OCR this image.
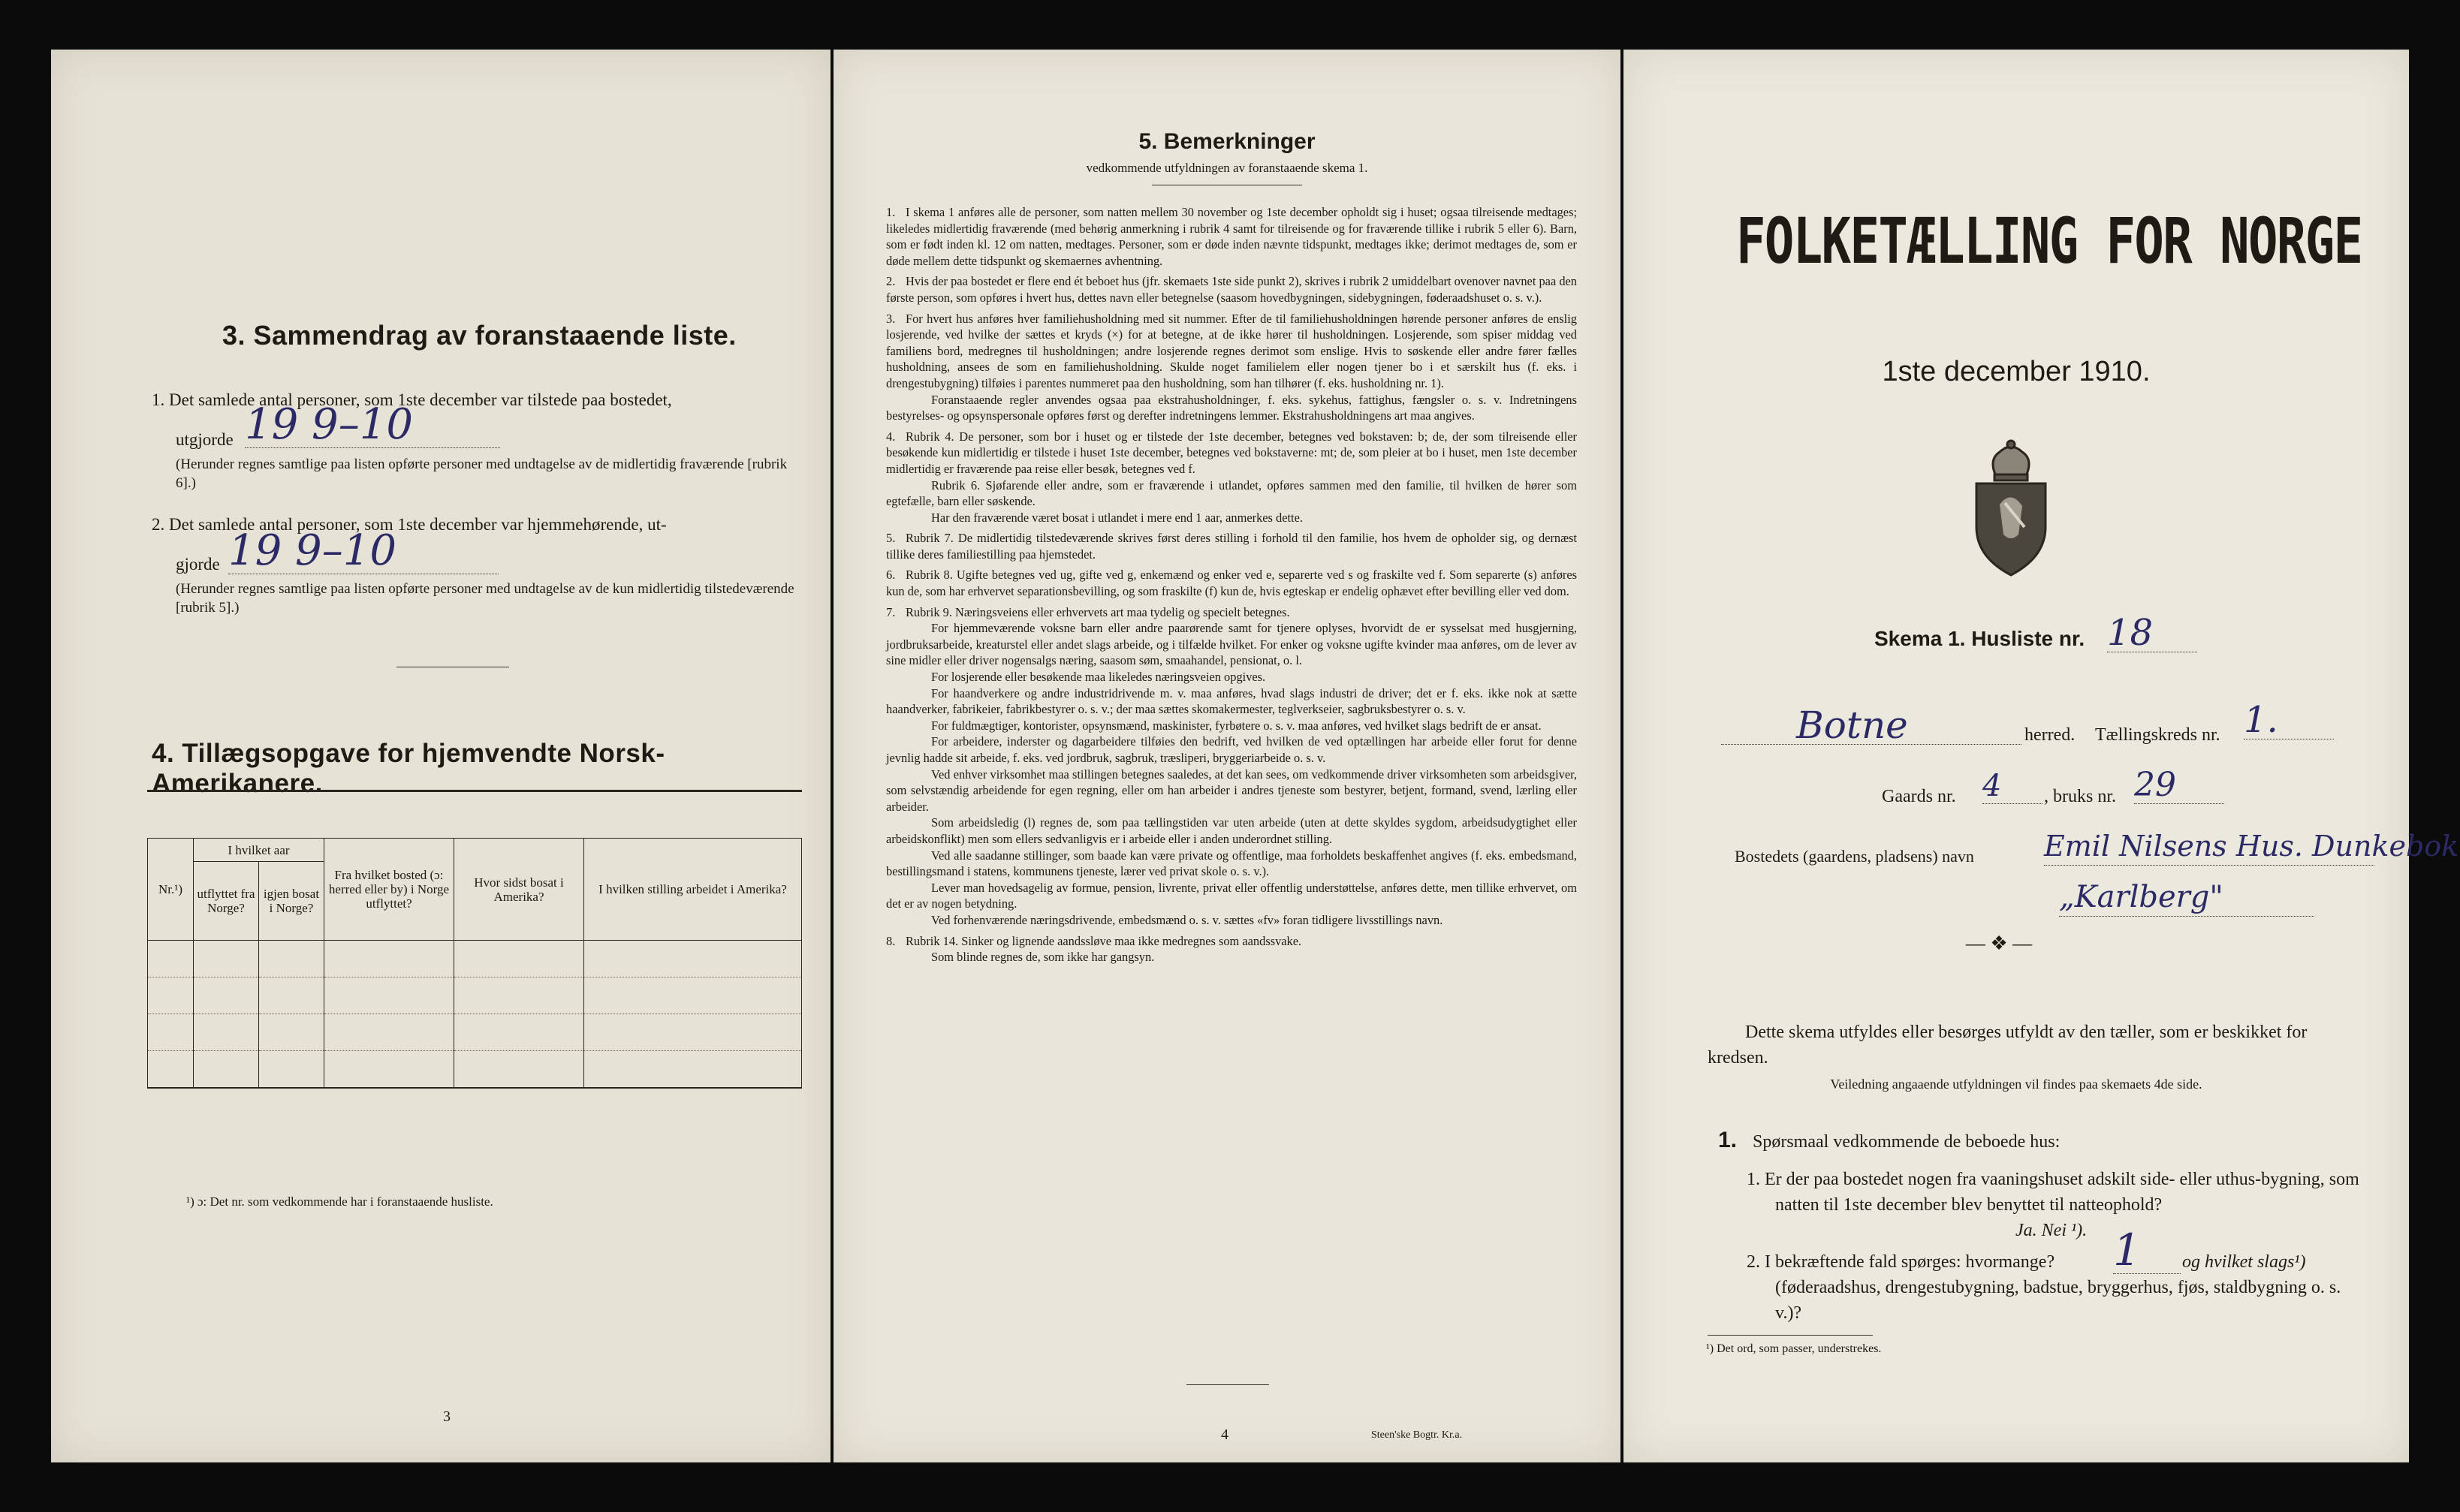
3. Sammendrag av foranstaaende liste.
1. Det samlede antal personer, som 1ste december var tilstede paa bostedet,
utgjorde 19 9–10
(Herunder regnes samtlige paa listen opførte personer med undtagelse av de midlertidig fraværende [rubrik 6].)
2. Det samlede antal personer, som 1ste december var hjemmehørende, ut-
gjorde 19 9–10
(Herunder regnes samtlige paa listen opførte personer med undtagelse av de kun midlertidig tilstedeværende [rubrik 5].)
4. Tillægsopgave for hjemvendte Norsk-Amerikanere.
Nr.¹)	I hvilket aar		Fra hvilket bosted (ɔ: herred eller by) i Norge utflyttet?	Hvor sidst bosat i Amerika?	I hvilken stilling arbeidet i Amerika?
	utflyttet fra Norge?	igjen bosat i Norge?			

¹) ɔ: Det nr. som vedkommende har i foranstaaende husliste.
3
5. Bemerkninger
vedkommende utfyldningen av foranstaaende skema 1.

1. I skema 1 anføres alle de personer, som natten mellem 30 november og 1ste december opholdt sig i huset; ogsaa tilreisende medtages; likeledes midlertidig fraværende (med behørig anmerkning i rubrik 4 samt for tilreisende og for fraværende tillike i rubrik 5 eller 6). Barn, som er født inden kl. 12 om natten, medtages. Personer, som er døde inden nævnte tidspunkt, medtages ikke; derimot medtages de, som er døde mellem dette tidspunkt og skemaernes avhentning.

2. Hvis der paa bostedet er flere end ét beboet hus (jfr. skemaets 1ste side punkt 2), skrives i rubrik 2 umiddelbart ovenover navnet paa den første person, som opføres i hvert hus, dettes navn eller betegnelse (saasom hovedbygningen, sidebygningen, føderaadshuset o. s. v.).

3. For hvert hus anføres hver familiehusholdning med sit nummer. Efter de til familiehusholdningen hørende personer anføres de enslig losjerende, ved hvilke der sættes et kryds (×) for at betegne, at de ikke hører til husholdningen. Losjerende, som spiser middag ved familiens bord, medregnes til husholdningen; andre losjerende regnes derimot som enslige. Hvis to søskende eller andre fører fælles husholdning, ansees de som en familiehusholdning. Skulde noget familielem eller nogen tjener bo i et særskilt hus (f. eks. i drengestubygning) tilføies i parentes nummeret paa den husholdning, som han tilhører (f. eks. husholdning nr. 1).

Foranstaaende regler anvendes ogsaa paa ekstrahusholdninger, f. eks. sykehus, fattighus, fængsler o. s. v. Indretningens bestyrelses- og opsynspersonale opføres først og derefter indretningens lemmer. Ekstrahusholdningens art maa angives.

4. Rubrik 4. De personer, som bor i huset og er tilstede der 1ste december, betegnes ved bokstaven: b; de, der som tilreisende eller besøkende kun midlertidig er tilstede i huset 1ste december, betegnes ved bokstaverne: mt; de, som pleier at bo i huset, men 1ste december midlertidig er fraværende paa reise eller besøk, betegnes ved f.

Rubrik 6. Sjøfarende eller andre, som er fraværende i utlandet, opføres sammen med den familie, til hvilken de hører som egtefælle, barn eller søskende.

Har den fraværende været bosat i utlandet i mere end 1 aar, anmerkes dette.

5. Rubrik 7. De midlertidig tilstedeværende skrives først deres stilling i forhold til den familie, hos hvem de opholder sig, og dernæst tillike deres familiestilling paa hjemstedet.

6. Rubrik 8. Ugifte betegnes ved ug, gifte ved g, enkemænd og enker ved e, separerte ved s og fraskilte ved f. Som separerte (s) anføres kun de, som har erhvervet separationsbevilling, og som fraskilte (f) kun de, hvis egteskap er endelig ophævet efter bevilling eller ved dom.

7. Rubrik 9. Næringsveiens eller erhvervets art maa tydelig og specielt betegnes.

For hjemmeværende voksne barn eller andre paarørende samt for tjenere oplyses, hvorvidt de er sysselsat med husgjerning, jordbruksarbeide, kreaturstel eller andet slags arbeide, og i tilfælde hvilket. For enker og voksne ugifte kvinder maa anføres, om de lever av sine midler eller driver nogensalgs næring, saasom søm, smaahandel, pensionat, o. l.

For losjerende eller besøkende maa likeledes næringsveien opgives.

For haandverkere og andre industridrivende m. v. maa anføres, hvad slags industri de driver; det er f. eks. ikke nok at sætte haandverker, fabrikeier, fabrikbestyrer o. s. v.; der maa sættes skomakermester, teglverkseier, sagbruksbestyrer o. s. v.

For fuldmægtiger, kontorister, opsynsmænd, maskinister, fyrbøtere o. s. v. maa anføres, ved hvilket slags bedrift de er ansat.

For arbeidere, inderster og dagarbeidere tilføies den bedrift, ved hvilken de ved optællingen har arbeide eller forut for denne jevnlig hadde sit arbeide, f. eks. ved jordbruk, sagbruk, træsliperi, bryggeriarbeide o. s. v.

Ved enhver virksomhet maa stillingen betegnes saaledes, at det kan sees, om vedkommende driver virksomheten som arbeidsgiver, som selvstændig arbeidende for egen regning, eller om han arbeider i andres tjeneste som bestyrer, betjent, formand, svend, lærling eller arbeider.

Som arbeidsledig (l) regnes de, som paa tællingstiden var uten arbeide (uten at dette skyldes sygdom, arbeidsudygtighet eller arbeidskonflikt) men som ellers sedvanligvis er i arbeide eller i anden underordnet stilling.

Ved alle saadanne stillinger, som baade kan være private og offentlige, maa forholdets beskaffenhet angives (f. eks. embedsmand, bestillingsmand i statens, kommunens tjeneste, lærer ved privat skole o. s. v.).

Lever man hovedsagelig av formue, pension, livrente, privat eller offentlig understøttelse, anføres dette, men tillike erhvervet, om det er av nogen betydning.

Ved forhenværende næringsdrivende, embedsmænd o. s. v. sættes «fv» foran tidligere livsstillings navn.

8. Rubrik 14. Sinker og lignende aandssløve maa ikke medregnes som aandssvake.

Som blinde regnes de, som ikke har gangsyn.

4	Steen'ske Bogtr. Kr.a.
FOLKETÆLLING FOR NORGE
1ste december 1910.
Skema 1. Husliste nr. 18
Botne	herred. Tællingskreds nr. 1.
Gaards nr. 4	, bruks nr. 29
Bostedets (gaardens, pladsens) navn Emil Nilsens Hus. Dunkebok
„Karlberg"
— ❖ —
Dette skema utfyldes eller besørges utfyldt av den tæller, som er beskikket for kredsen.
Veiledning angaaende utfyldningen vil findes paa skemaets 4de side.
1. Spørsmaal vedkommende de beboede hus:
1. Er der paa bostedet nogen fra vaaningshuset adskilt side- eller uthus-bygning, som natten til 1ste december blev benyttet til natteophold?
Ja. Nei ¹).
2. I bekræftende fald spørges: hvormange? 1	og hvilket slags¹)
(føderaadshus, drengestubygning, badstue, bryggerhus, fjøs, staldbygning o. s. v.)?
¹) Det ord, som passer, understrekes.
